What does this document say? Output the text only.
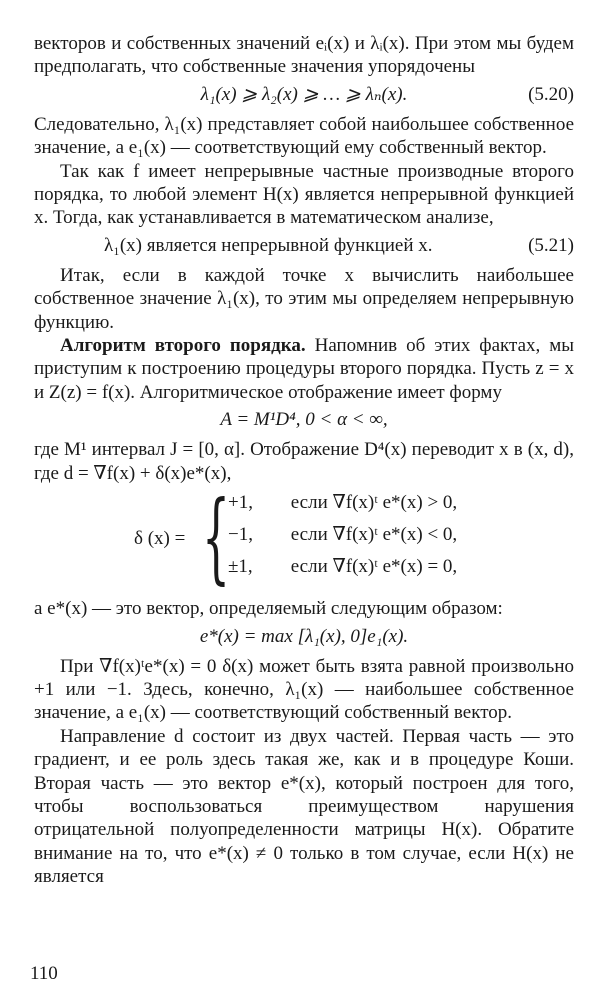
векторов и собственных значений eᵢ(x) и λᵢ(x). При этом мы будем предполагать, что собственные значения упорядочены

λ₁(x) ⩾ λ₂(x) ⩾ … ⩾ λₙ(x).	(5.20)

Следовательно, λ₁(x) представляет собой наибольшее собственное значение, а e₁(x) — соответствующий ему собственный вектор.

Так как f имеет непрерывные частные производные второго порядка, то любой элемент H(x) является непрерывной функцией x. Тогда, как устанавливается в математическом анализе,

λ₁(x) является непрерывной функцией x.	(5.21)

Итак, если в каждой точке x вычислить наибольшее собственное значение λ₁(x), то этим мы определяем непрерывную функцию.

Алгоритм второго порядка. Напомнив об этих фактах, мы приступим к построению процедуры второго порядка. Пусть z = x и Z(z) = f(x). Алгоритмическое отображение имеет форму

A = M¹D⁴, 0 < α < ∞,

где M¹ интервал J = [0, α]. Отображение D⁴(x) переводит x в (x, d), где d = ∇f(x) + δ(x)e*(x),

δ (x) = {
+1, если ∇f(x)ᵗ e*(x) > 0,
−1, если ∇f(x)ᵗ e*(x) < 0,
±1, если ∇f(x)ᵗ e*(x) = 0,

а e*(x) — это вектор, определяемый следующим образом:

e*(x) = max [λ₁(x), 0]e₁(x).

При ∇f(x)ᵗe*(x) = 0 δ(x) может быть взята равной произвольно +1 или −1. Здесь, конечно, λ₁(x) — наибольшее собственное значение, а e₁(x) — соответствующий собственный вектор.

Направление d состоит из двух частей. Первая часть — это градиент, и ее роль здесь такая же, как и в процедуре Коши. Вторая часть — это вектор e*(x), который построен для того, чтобы воспользоваться преимуществом нарушения отрицательной полуопределенности матрицы H(x). Обратите внимание на то, что e*(x) ≠ 0 только в том случае, если H(x) не является

110
